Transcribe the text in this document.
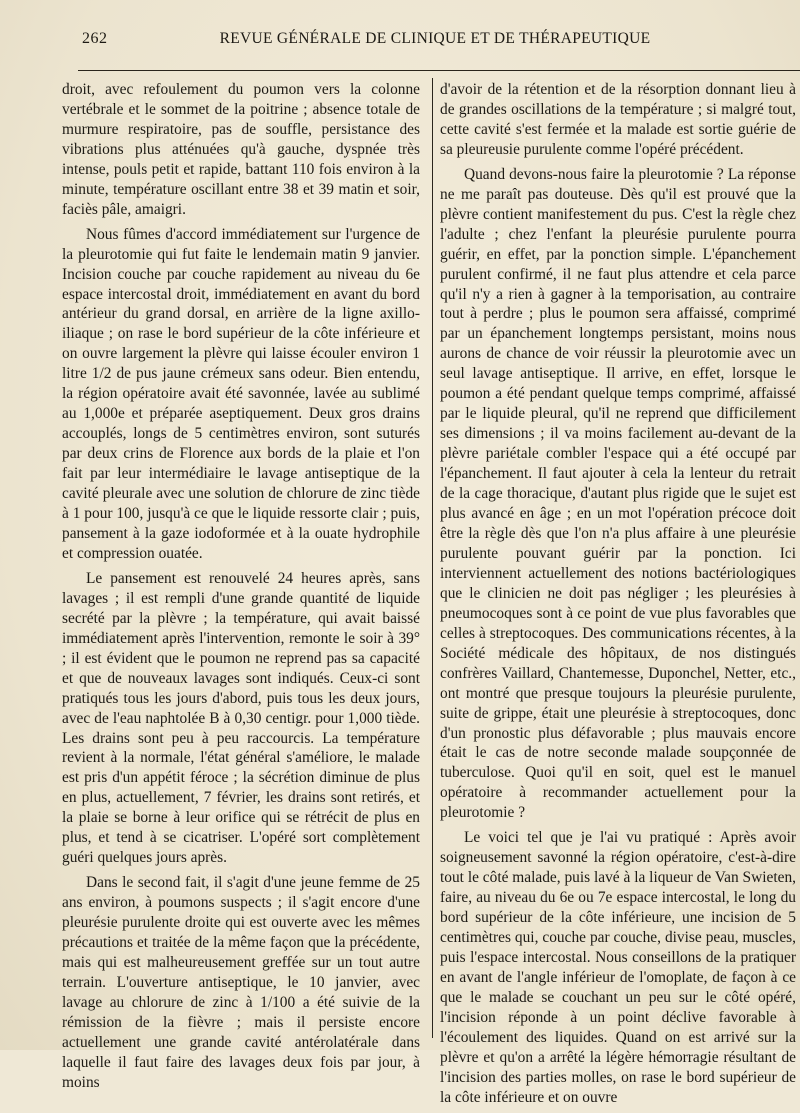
262	REVUE GÉNÉRALE DE CLINIQUE ET DE THÉRAPEUTIQUE

droit, avec refoulement du poumon vers la colonne vertébrale et le sommet de la poitrine ; absence totale de murmure respiratoire, pas de souffle, persistance des vibrations plus atténuées qu'à gauche, dyspnée très intense, pouls petit et rapide, battant 110 fois environ à la minute, température oscillant entre 38 et 39 matin et soir, faciès pâle, amaigri.

Nous fûmes d'accord immédiatement sur l'urgence de la pleurotomie qui fut faite le lendemain matin 9 janvier. Incision couche par couche rapidement au niveau du 6e espace intercostal droit, immédiatement en avant du bord antérieur du grand dorsal, en arrière de la ligne axillo-iliaque ; on rase le bord supérieur de la côte inférieure et on ouvre largement la plèvre qui laisse écouler environ 1 litre 1/2 de pus jaune crémeux sans odeur. Bien entendu, la région opératoire avait été savonnée, lavée au sublimé au 1,000e et préparée aseptiquement. Deux gros drains accouplés, longs de 5 centimètres environ, sont suturés par deux crins de Florence aux bords de la plaie et l'on fait par leur intermédiaire le lavage antiseptique de la cavité pleurale avec une solution de chlorure de zinc tiède à 1 pour 100, jusqu'à ce que le liquide ressorte clair ; puis, pansement à la gaze iodoformée et à la ouate hydrophile et compression ouatée.

Le pansement est renouvelé 24 heures après, sans lavages ; il est rempli d'une grande quantité de liquide secrété par la plèvre ; la température, qui avait baissé immédiatement après l'intervention, remonte le soir à 39° ; il est évident que le poumon ne reprend pas sa capacité et que de nouveaux lavages sont indiqués. Ceux-ci sont pratiqués tous les jours d'abord, puis tous les deux jours, avec de l'eau naphtolée B à 0,30 centigr. pour 1,000 tiède. Les drains sont peu à peu raccourcis. La température revient à la normale, l'état général s'améliore, le malade est pris d'un appétit féroce ; la sécrétion diminue de plus en plus, actuellement, 7 février, les drains sont retirés, et la plaie se borne à leur orifice qui se rétrécit de plus en plus, et tend à se cicatriser. L'opéré sort complètement guéri quelques jours après.

Dans le second fait, il s'agit d'une jeune femme de 25 ans environ, à poumons suspects ; il s'agit encore d'une pleurésie purulente droite qui est ouverte avec les mêmes précautions et traitée de la même façon que la précédente, mais qui est malheureusement greffée sur un tout autre terrain. L'ouverture antiseptique, le 10 janvier, avec lavage au chlorure de zinc à 1/100 a été suivie de la rémission de la fièvre ; mais il persiste encore actuellement une grande cavité antérolatérale dans laquelle il faut faire des lavages deux fois par jour, à moins

d'avoir de la rétention et de la résorption donnant lieu à de grandes oscillations de la température ; si malgré tout, cette cavité s'est fermée et la malade est sortie guérie de sa pleureusie purulente comme l'opéré précédent.

Quand devons-nous faire la pleurotomie ? La réponse ne me paraît pas douteuse. Dès qu'il est prouvé que la plèvre contient manifestement du pus. C'est la règle chez l'adulte ; chez l'enfant la pleurésie purulente pourra guérir, en effet, par la ponction simple. L'épanchement purulent confirmé, il ne faut plus attendre et cela parce qu'il n'y a rien à gagner à la temporisation, au contraire tout à perdre ; plus le poumon sera affaissé, comprimé par un épanchement longtemps persistant, moins nous aurons de chance de voir réussir la pleurotomie avec un seul lavage antiseptique. Il arrive, en effet, lorsque le poumon a été pendant quelque temps comprimé, affaissé par le liquide pleural, qu'il ne reprend que difficilement ses dimensions ; il va moins facilement au-devant de la plèvre pariétale combler l'espace qui a été occupé par l'épanchement. Il faut ajouter à cela la lenteur du retrait de la cage thoracique, d'autant plus rigide que le sujet est plus avancé en âge ; en un mot l'opération précoce doit être la règle dès que l'on n'a plus affaire à une pleurésie purulente pouvant guérir par la ponction. Ici interviennent actuellement des notions bactériologiques que le clinicien ne doit pas négliger ; les pleurésies à pneumocoques sont à ce point de vue plus favorables que celles à streptocoques. Des communications récentes, à la Société médicale des hôpitaux, de nos distingués confrères Vaillard, Chantemesse, Duponchel, Netter, etc., ont montré que presque toujours la pleurésie purulente, suite de grippe, était une pleurésie à streptocoques, donc d'un pronostic plus défavorable ; plus mauvais encore était le cas de notre seconde malade soupçonnée de tuberculose. Quoi qu'il en soit, quel est le manuel opératoire à recommander actuellement pour la pleurotomie ?

Le voici tel que je l'ai vu pratiqué : Après avoir soigneusement savonné la région opératoire, c'est-à-dire tout le côté malade, puis lavé à la liqueur de Van Swieten, faire, au niveau du 6e ou 7e espace intercostal, le long du bord supérieur de la côte inférieure, une incision de 5 centimètres qui, couche par couche, divise peau, muscles, puis l'espace intercostal. Nous conseillons de la pratiquer en avant de l'angle inférieur de l'omoplate, de façon à ce que le malade se couchant un peu sur le côté opéré, l'incision réponde à un point déclive favorable à l'écoulement des liquides. Quand on est arrivé sur la plèvre et qu'on a arrêté la légère hémorragie résultant de l'incision des parties molles, on rase le bord supérieur de la côte inférieure et on ouvre
